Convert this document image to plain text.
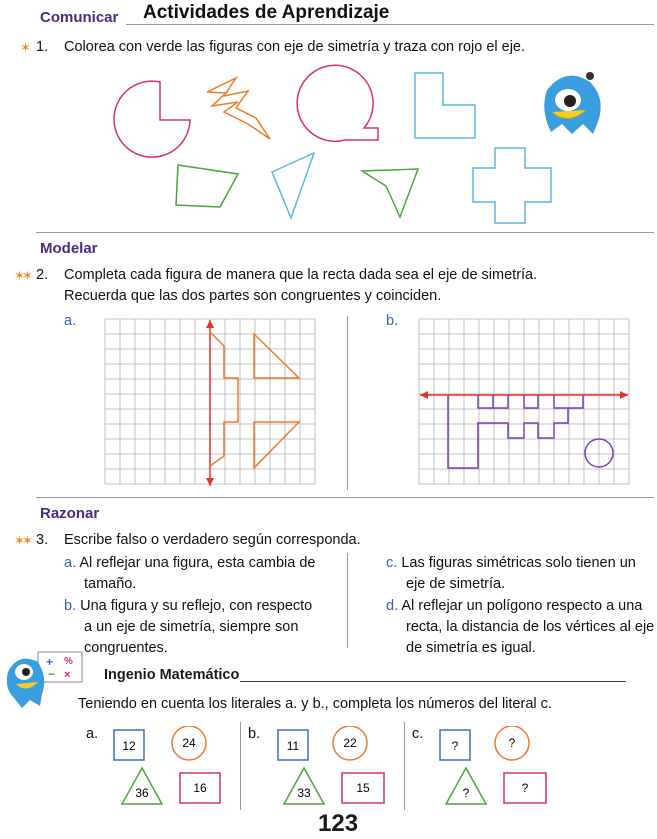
Comunicar Actividades de Aprendizaje
✶ 1. Colorea con verde las figuras con eje de simetría y traza con rojo el eje.
Modelar
✶✶ 2. Completa cada figura de manera que la recta dada sea el eje de simetría.
Recuerda que las dos partes son congruentes y coinciden.
a.	b.
Razonar
✶✶ 3. Escribe falso o verdadero según corresponda.
a. Al reflejar una figura, esta cambia de
tamaño.
b. Una figura y su reflejo, con respecto
a un eje de simetría, siempre son
congruentes.
c. Las figuras simétricas solo tienen un
eje de simetría.
d. Al reflejar un polígono respecto a una
recta, la distancia de los vértices al eje
de simetría es igual.
+ %
− × Ingenio Matemático
Teniendo en cuenta los literales a. y b., completa los números del literal c.
a.
12	24
36	16
b.
11	22
33	15
c.
?	?
?	?
123
